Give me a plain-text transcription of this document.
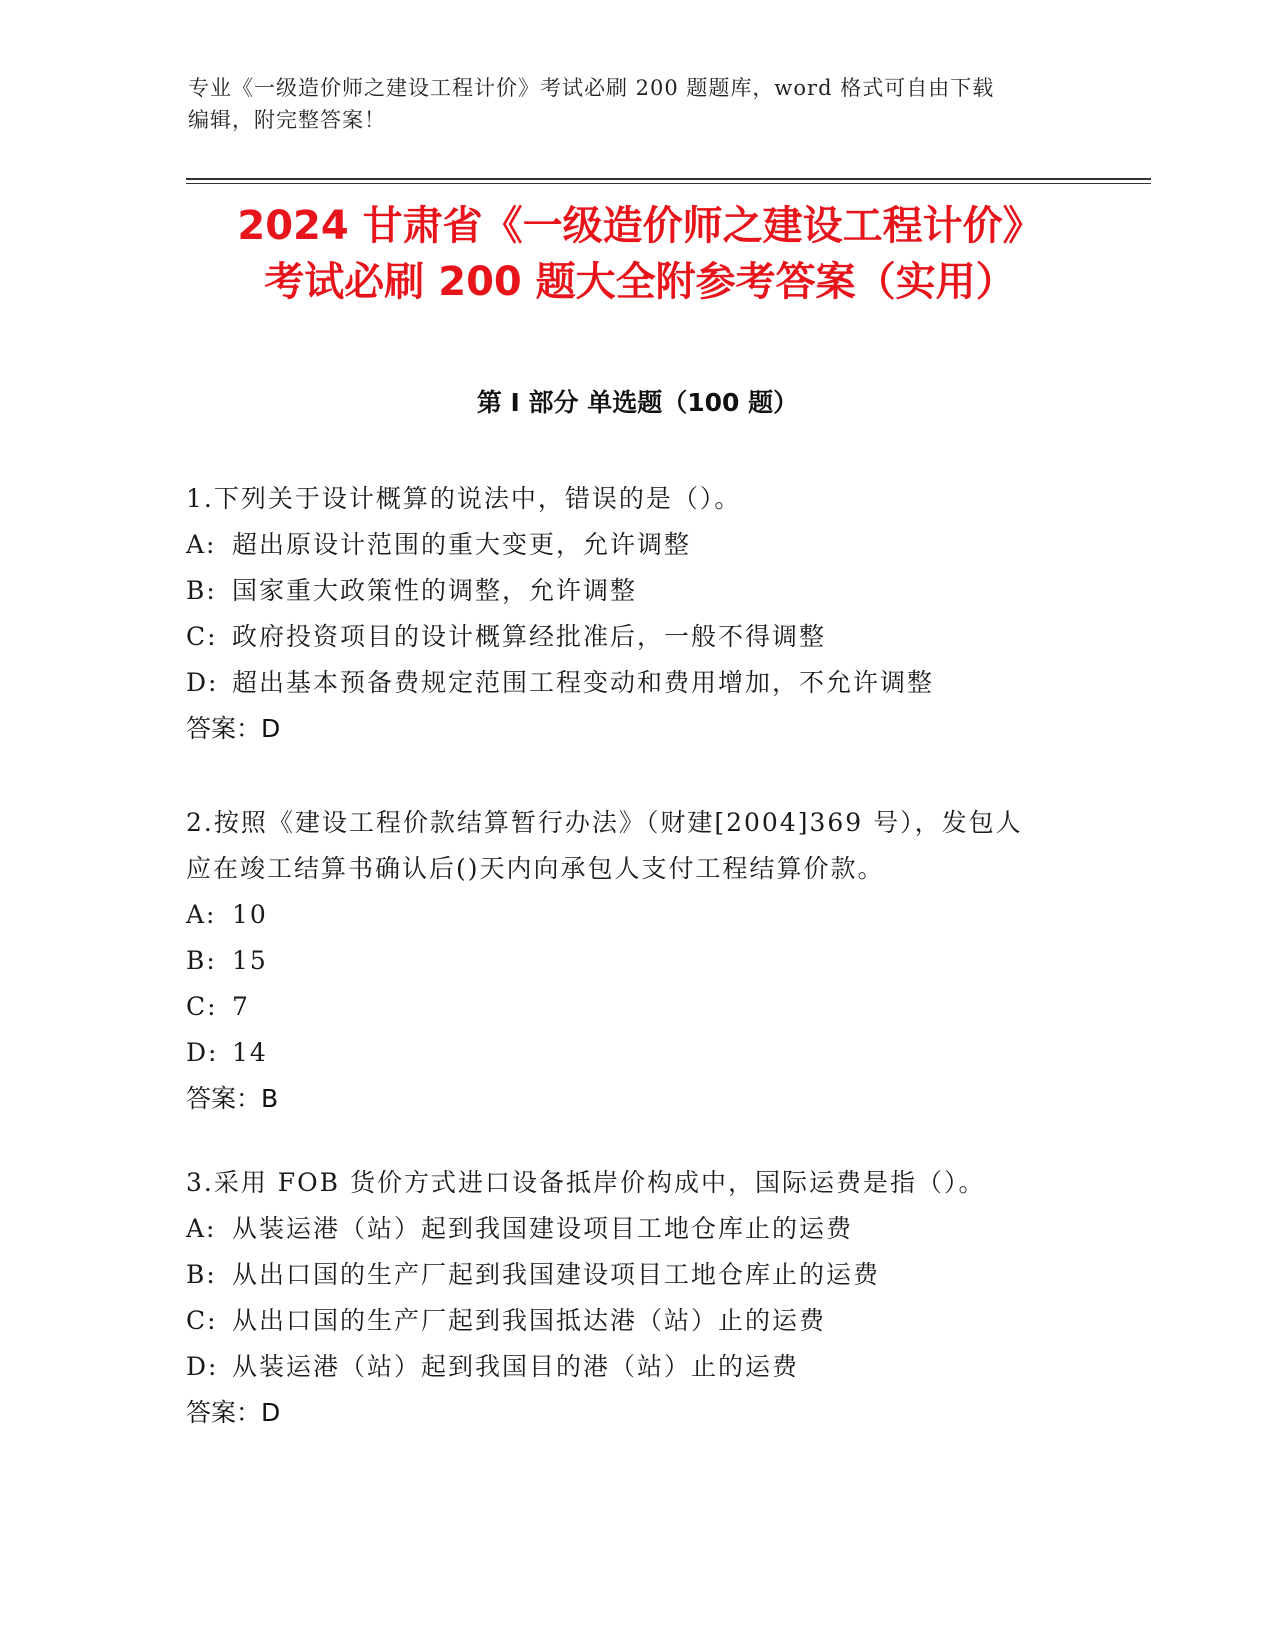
专业《一级造价师之建设工程计价》考试必刷 200 题题库，word 格式可自由下载
编辑，附完整答案！
2024 甘肃省《一级造价师之建设工程计价》
考试必刷 200 题大全附参考答案（实用）
第 I 部分 单选题（100 题）

1.下列关于设计概算的说法中，错误的是（）。

A: 超出原设计范围的重大变更，允许调整

B: 国家重大政策性的调整，允许调整

C: 政府投资项目的设计概算经批准后，一般不得调整

D: 超出基本预备费规定范围工程变动和费用增加，不允许调整

答案：D

2.按照《建设工程价款结算暂行办法》（财建[2004]369 号），发包人

应在竣工结算书确认后()天内向承包人支付工程结算价款。

A: 10

B: 15

C: 7

D: 14

答案：B

3.采用 FOB 货价方式进口设备抵岸价构成中，国际运费是指（）。

A: 从装运港（站）起到我国建设项目工地仓库止的运费

B: 从出口国的生产厂起到我国建设项目工地仓库止的运费

C: 从出口国的生产厂起到我国抵达港（站）止的运费

D: 从装运港（站）起到我国目的港（站）止的运费

答案：D
